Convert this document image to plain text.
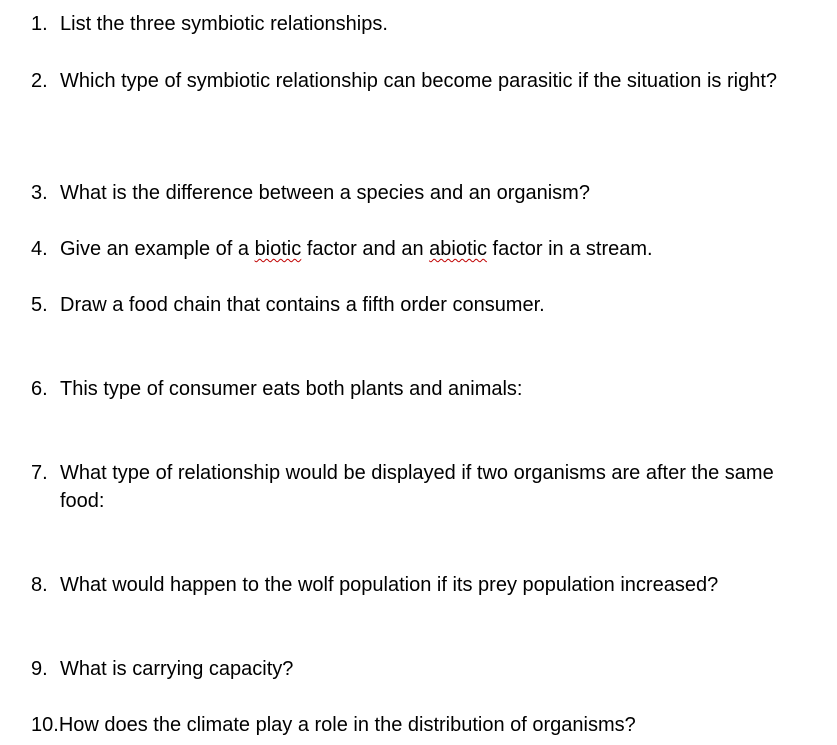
1. List the three symbiotic relationships.
2. Which type of symbiotic relationship can become parasitic if the situation is right?
3. What is the difference between a species and an organism?
4. Give an example of a biotic factor and an abiotic factor in a stream.
5. Draw a food chain that contains a fifth order consumer.
6. This type of consumer eats both plants and animals:
7. What type of relationship would be displayed if two organisms are after the same food:
8. What would happen to the wolf population if its prey population increased?
9. What is carrying capacity?
10.How does the climate play a role in the distribution of organisms?
